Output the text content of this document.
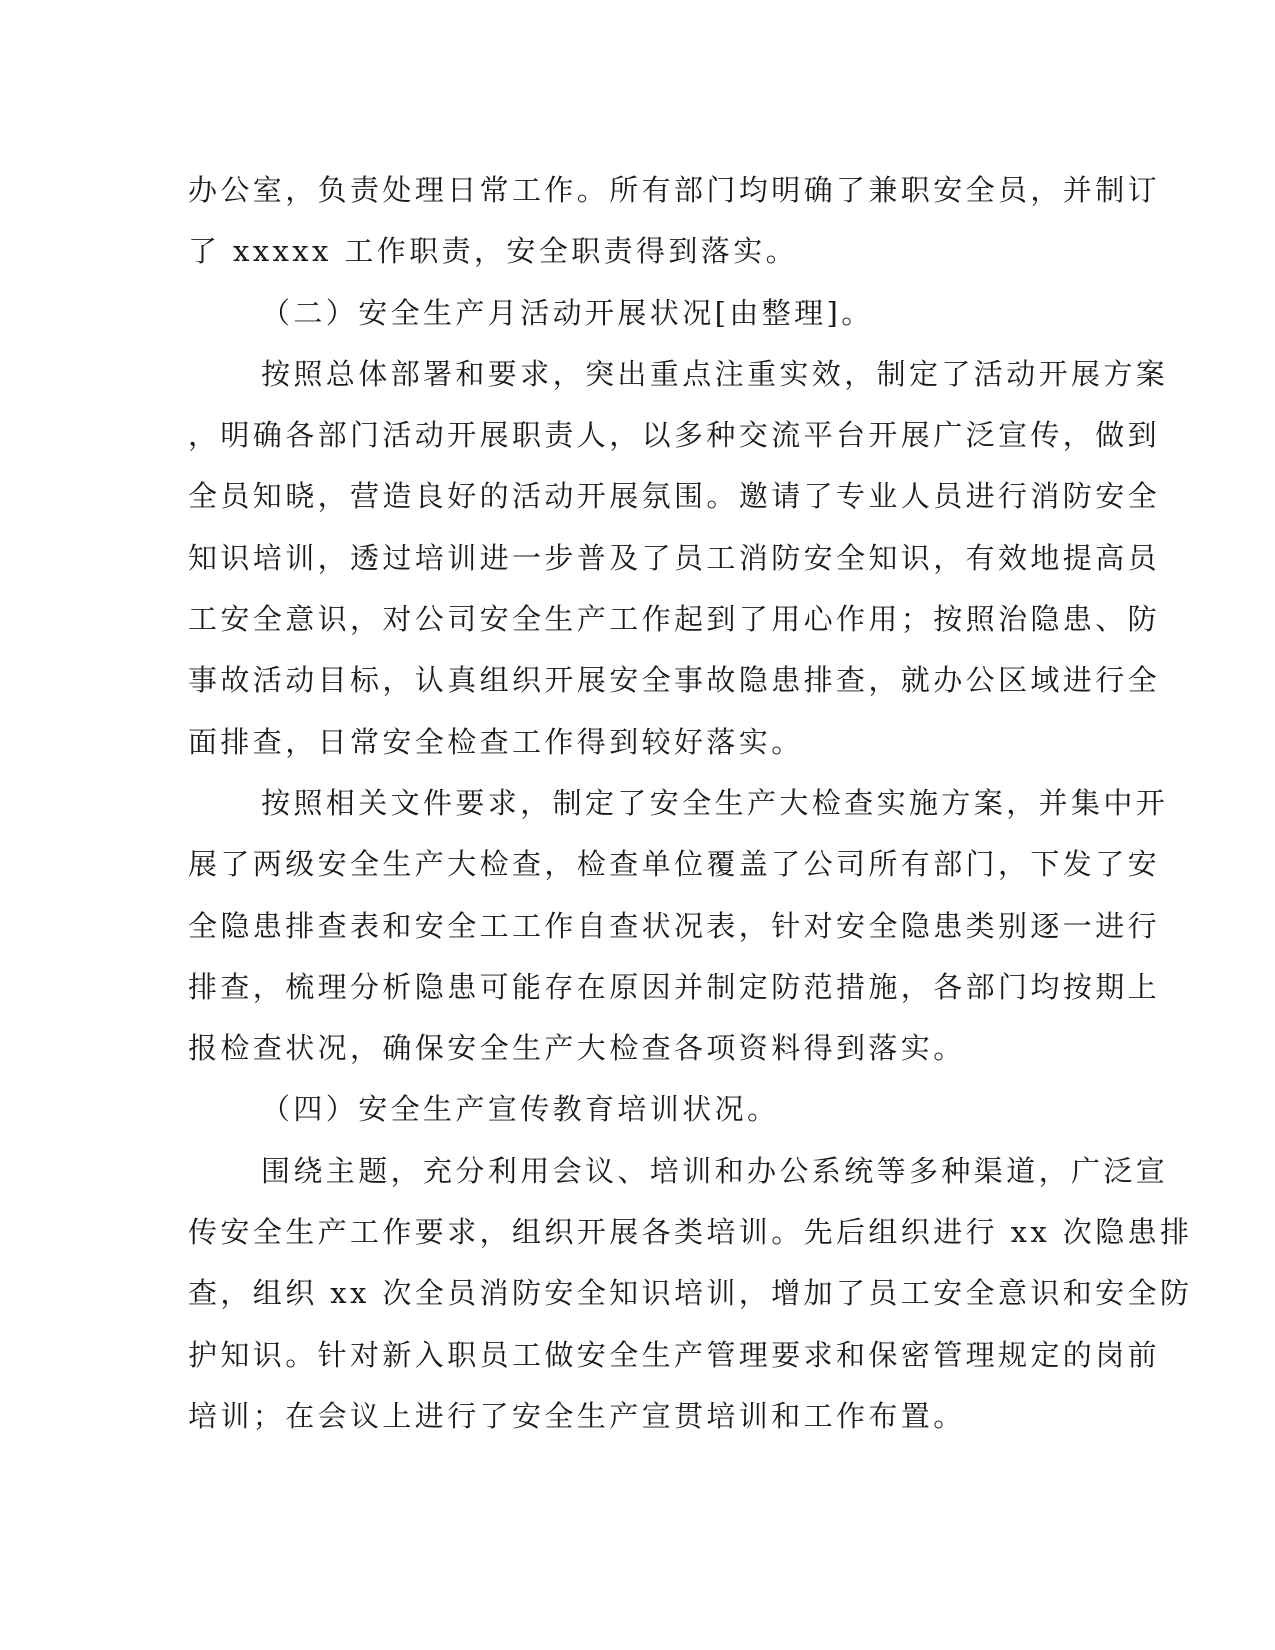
办公室，负责处理日常工作。所有部门均明确了兼职安全员，并制订
了 xxxxx 工作职责，安全职责得到落实。
（二）安全生产月活动开展状况[由整理]。
按照总体部署和要求，突出重点注重实效，制定了活动开展方案
，明确各部门活动开展职责人，以多种交流平台开展广泛宣传，做到
全员知晓，营造良好的活动开展氛围。邀请了专业人员进行消防安全
知识培训，透过培训进一步普及了员工消防安全知识，有效地提高员
工安全意识，对公司安全生产工作起到了用心作用；按照治隐患、防
事故活动目标，认真组织开展安全事故隐患排查，就办公区域进行全
面排查，日常安全检查工作得到较好落实。
按照相关文件要求，制定了安全生产大检查实施方案，并集中开
展了两级安全生产大检查，检查单位覆盖了公司所有部门，下发了安
全隐患排查表和安全工工作自查状况表，针对安全隐患类别逐一进行
排查，梳理分析隐患可能存在原因并制定防范措施，各部门均按期上
报检查状况，确保安全生产大检查各项资料得到落实。
（四）安全生产宣传教育培训状况。
围绕主题，充分利用会议、培训和办公系统等多种渠道，广泛宣
传安全生产工作要求，组织开展各类培训。先后组织进行 xx 次隐患排
查，组织 xx 次全员消防安全知识培训，增加了员工安全意识和安全防
护知识。针对新入职员工做安全生产管理要求和保密管理规定的岗前
培训；在会议上进行了安全生产宣贯培训和工作布置。
